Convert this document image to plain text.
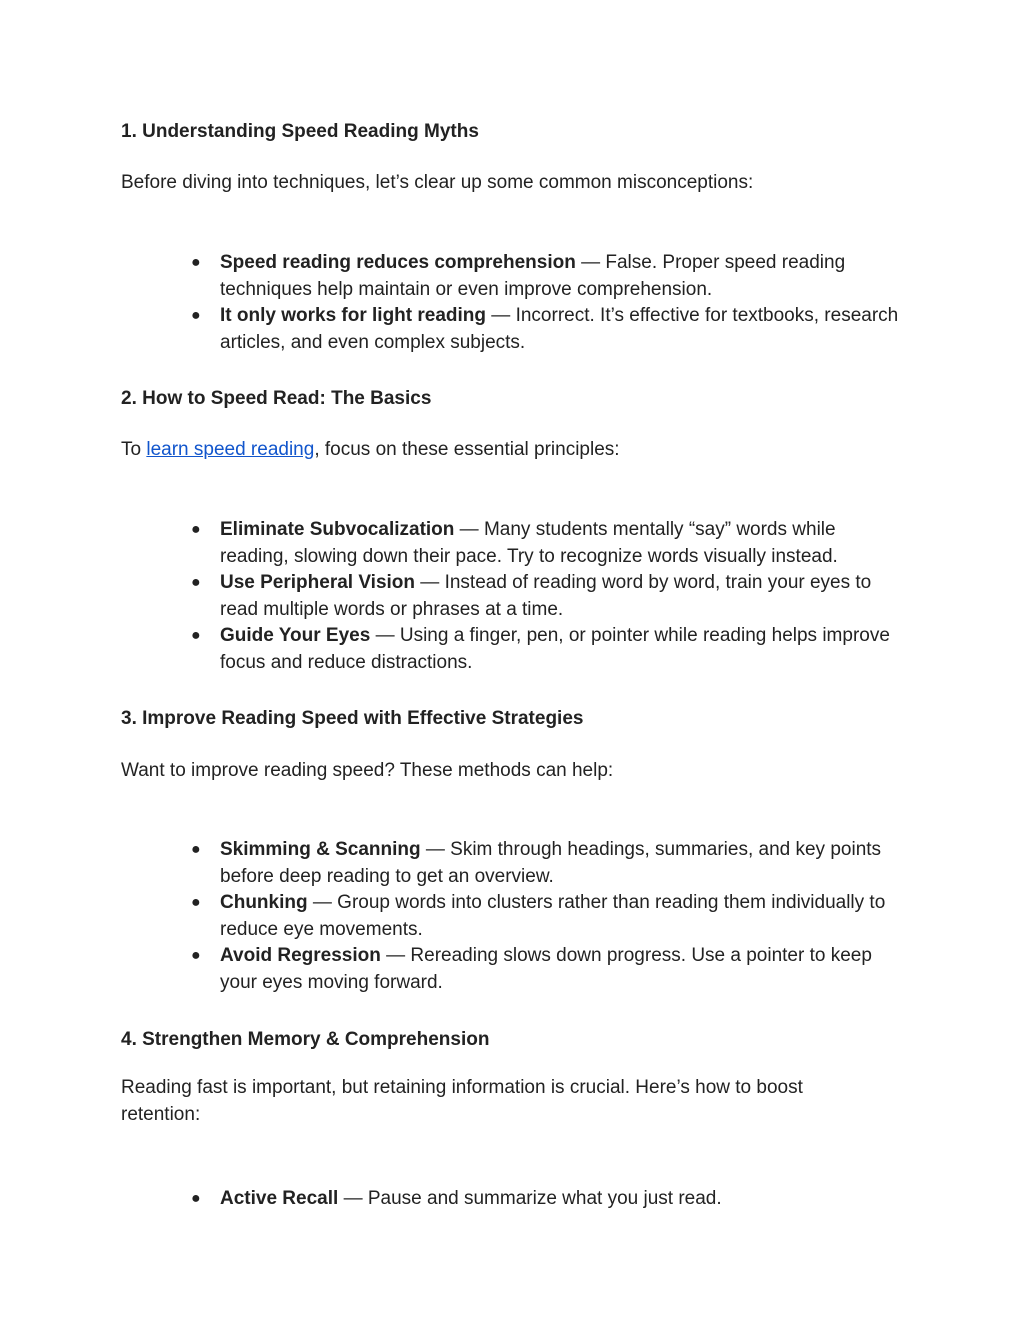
1. Understanding Speed Reading Myths
Before diving into techniques, let’s clear up some common misconceptions:
● Speed reading reduces comprehension — False. Proper speed reading techniques help maintain or even improve comprehension.
● It only works for light reading — Incorrect. It’s effective for textbooks, research articles, and even complex subjects.
2. How to Speed Read: The Basics
To learn speed reading, focus on these essential principles:
● Eliminate Subvocalization — Many students mentally “say” words while reading, slowing down their pace. Try to recognize words visually instead.
● Use Peripheral Vision — Instead of reading word by word, train your eyes to read multiple words or phrases at a time.
● Guide Your Eyes — Using a finger, pen, or pointer while reading helps improve focus and reduce distractions.
3. Improve Reading Speed with Effective Strategies
Want to improve reading speed? These methods can help:
● Skimming & Scanning — Skim through headings, summaries, and key points before deep reading to get an overview.
● Chunking — Group words into clusters rather than reading them individually to reduce eye movements.
● Avoid Regression — Rereading slows down progress. Use a pointer to keep your eyes moving forward.
4. Strengthen Memory & Comprehension
Reading fast is important, but retaining information is crucial. Here’s how to boost retention:
● Active Recall — Pause and summarize what you just read.
